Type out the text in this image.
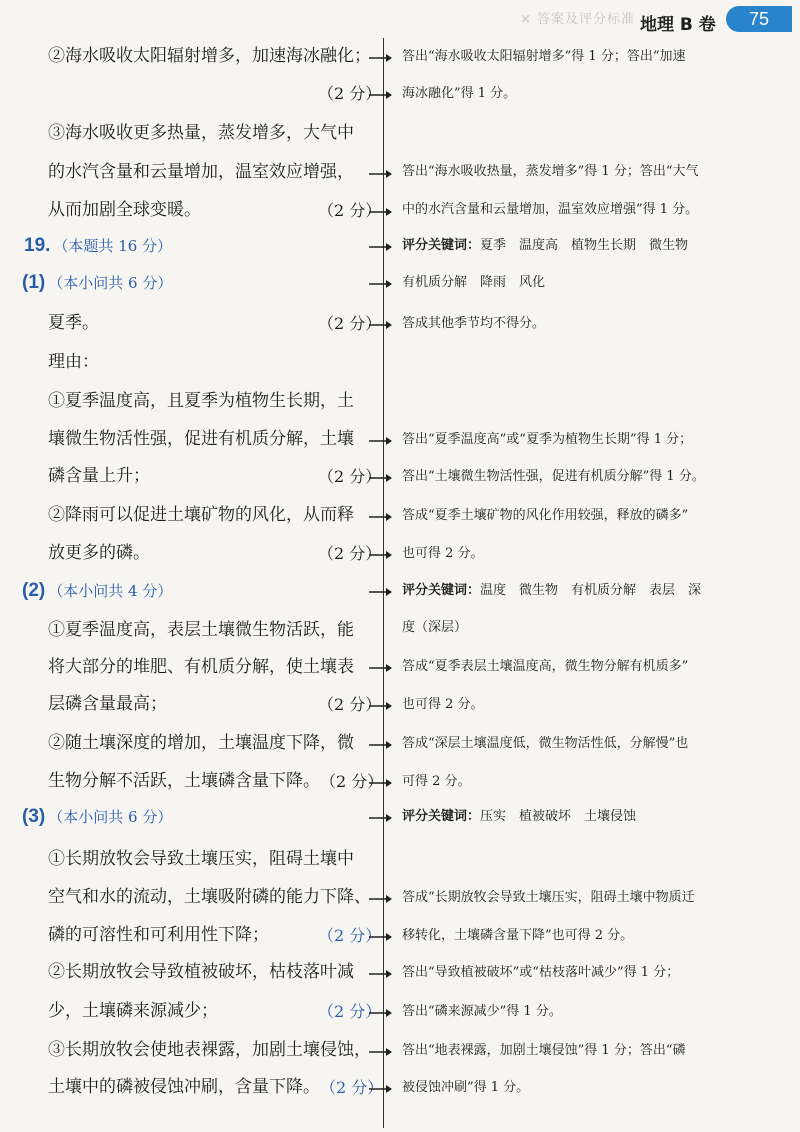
× 答案及评分标准 地理 B 卷	75
②海水吸收太阳辐射增多，加速海冰融化；
（2 分）
③海水吸收更多热量，蒸发增多，大气中
的水汽含量和云量增加，温室效应增强，
从而加剧全球变暖。	（2 分）
19. （本题共 16 分）
(1) （本小问共 6 分）
夏季。	（2 分）
理由：
①夏季温度高，且夏季为植物生长期，土
壤微生物活性强，促进有机质分解，土壤
磷含量上升；	（2 分）
②降雨可以促进土壤矿物的风化，从而释
放更多的磷。	（2 分）
(2) （本小问共 4 分）
①夏季温度高，表层土壤微生物活跃，能
将大部分的堆肥、有机质分解，使土壤表
层磷含量最高；	（2 分）
②随土壤深度的增加，土壤温度下降，微
生物分解不活跃，土壤磷含量下降。 （2 分）
(3) （本小问共 6 分）
①长期放牧会导致土壤压实，阻碍土壤中
空气和水的流动，土壤吸附磷的能力下降、
磷的可溶性和可利用性下降；	（2 分）
②长期放牧会导致植被破坏，枯枝落叶减
少，土壤磷来源减少；	（2 分）
③长期放牧会使地表裸露，加剧土壤侵蚀，
土壤中的磷被侵蚀冲刷，含量下降。 （2 分）
答出“海水吸收太阳辐射增多”得 1 分；答出“加速
海冰融化”得 1 分。
答出“海水吸收热量，蒸发增多”得 1 分；答出“大气
中的水汽含量和云量增加，温室效应增强”得 1 分。
评分关键词：夏季　温度高　植物生长期　微生物
有机质分解　降雨　风化
答成其他季节均不得分。
答出“夏季温度高”或“夏季为植物生长期”得 1 分；
答出“土壤微生物活性强，促进有机质分解”得 1 分。
答成“夏季土壤矿物的风化作用较强，释放的磷多”
也可得 2 分。
评分关键词：温度　微生物　有机质分解　表层　深
度（深层）
答成“夏季表层土壤温度高，微生物分解有机质多”
也可得 2 分。
答成“深层土壤温度低，微生物活性低，分解慢”也
可得 2 分。
评分关键词：压实　植被破坏　土壤侵蚀
答成“长期放牧会导致土壤压实，阻碍土壤中物质迁
移转化，土壤磷含量下降”也可得 2 分。
答出“导致植被破坏”或“枯枝落叶减少”得 1 分；
答出“磷来源减少”得 1 分。
答出“地表裸露，加剧土壤侵蚀”得 1 分；答出“磷
被侵蚀冲刷”得 1 分。
